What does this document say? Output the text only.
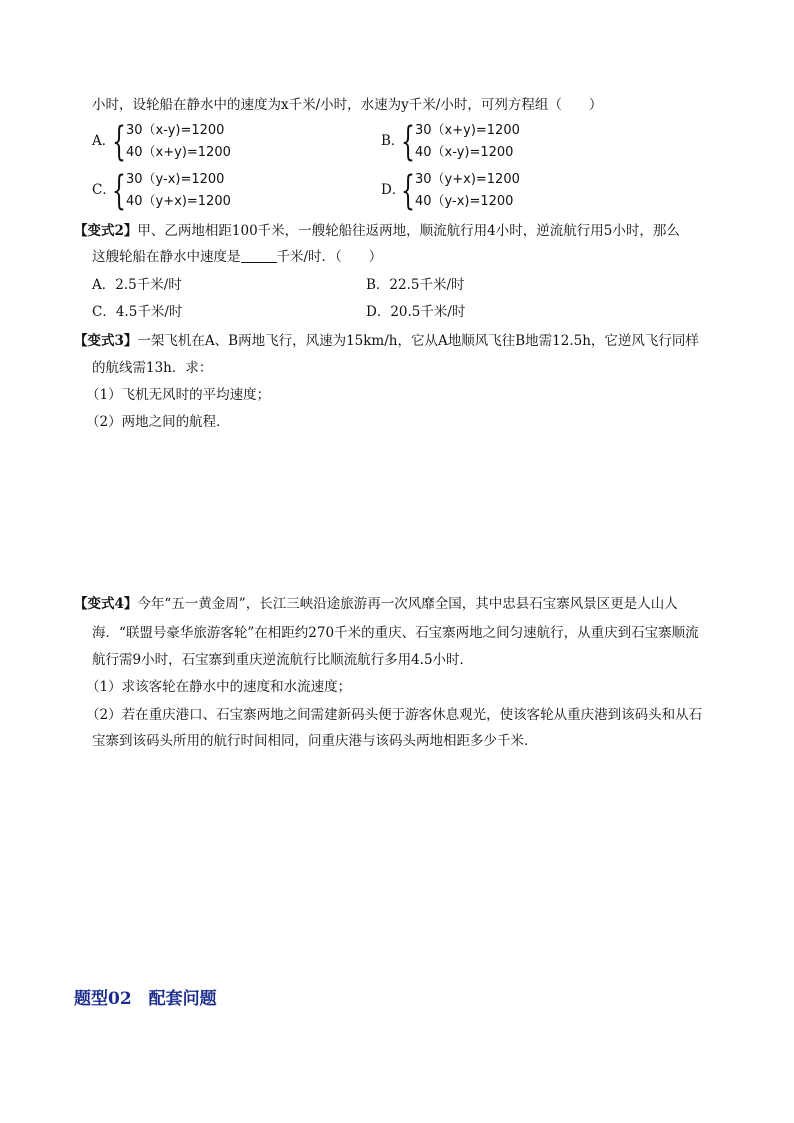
小时，设轮船在静水中的速度为x千米/小时，水速为y千米/小时，可列方程组（　　）
A．
{ 30（x-y)=1200
40（x+y)=1200
B．
{ 30（x+y)=1200
40（x-y)=1200
C．
{ 30（y-x)=1200
40（y+x)=1200
D．
{ 30（y+x)=1200
40（y-x)=1200
【变式2】甲、乙两地相距100千米，一艘轮船往返两地，顺流航行用4小时，逆流航行用5小时，那么
这艘轮船在静水中速度是	千米/时．（　　）
A．2.5千米/时	B．22.5千米/时
C．4.5千米/时	D．20.5千米/时
【变式3】一架飞机在A、B两地飞行，风速为15km/h，它从A地顺风飞往B地需12.5h，它逆风飞行同样
的航线需13h．求：
（1）飞机无风时的平均速度；
（2）两地之间的航程．
【变式4】今年“五一黄金周”，长江三峡沿途旅游再一次风靡全国，其中忠县石宝寨风景区更是人山人
海．“联盟号豪华旅游客轮”在相距约270千米的重庆、石宝寨两地之间匀速航行，从重庆到石宝寨顺流
航行需9小时，石宝寨到重庆逆流航行比顺流航行多用4.5小时．
（1）求该客轮在静水中的速度和水流速度；
（2）若在重庆港口、石宝寨两地之间需建新码头便于游客休息观光，使该客轮从重庆港到该码头和从石
宝寨到该码头所用的航行时间相同，问重庆港与该码头两地相距多少千米．
题型02　配套问题
